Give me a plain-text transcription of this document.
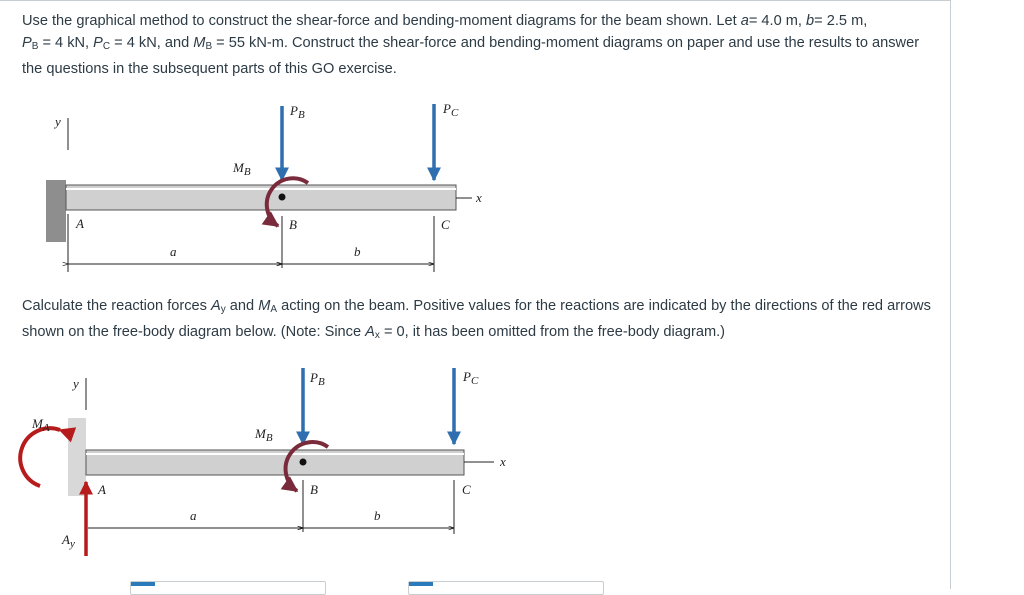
Use the graphical method to construct the shear-force and bending-moment diagrams for the beam shown. Let a= 4.0 m, b= 2.5 m,
$P_B = 4$ kN, $P_C = 4$ kN, and $M_B = 55$ kN-m. Construct the shear-force and bending-moment diagrams on paper and use the results to answer the questions in the subsequent parts of this GO exercise.
Calculate the reaction forces $A_y$ and $M_A$ acting on the beam. Positive values for the reactions are indicated by the directions of the red arrows shown on the free-body diagram below. (Note: Since $A_x = 0$, it has been omitted from the free-body diagram.)
y
x
$P_B$	$P_C$
$M_B$
A	B	C
a	b
y
x
$M_A$
$A_y$
$P_B$	$P_C$
$M_B$
A	B	C
a	b
